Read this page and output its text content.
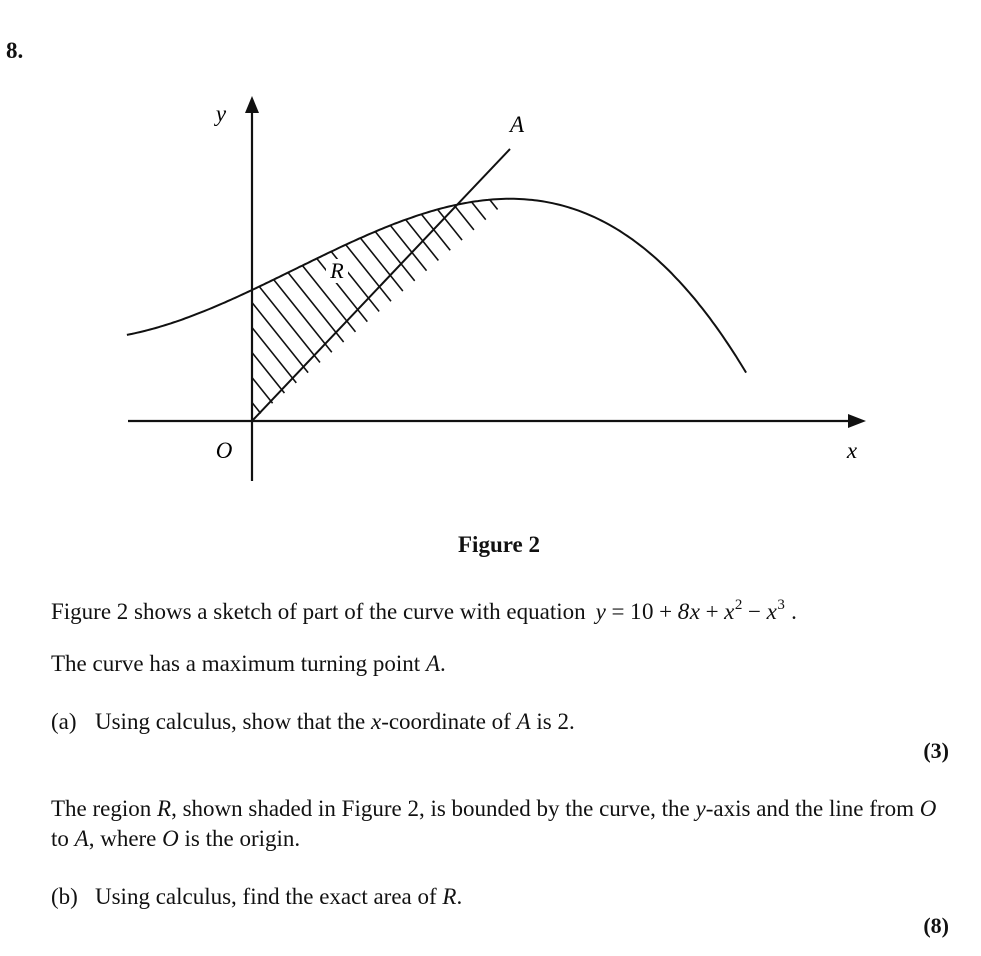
8.
y
x
O
A
R
Figure 2
Figure 2 shows a sketch of part of the curve with equation $y = 10 + 8x + x^2 - x^3$ .
The curve has a maximum turning point A.
(a) Using calculus, show that the x-coordinate of A is 2.
(3)
The region R, shown shaded in Figure 2, is bounded by the curve, the y-axis and the line from O to A, where O is the origin.
(b) Using calculus, find the exact area of R.
(8)
